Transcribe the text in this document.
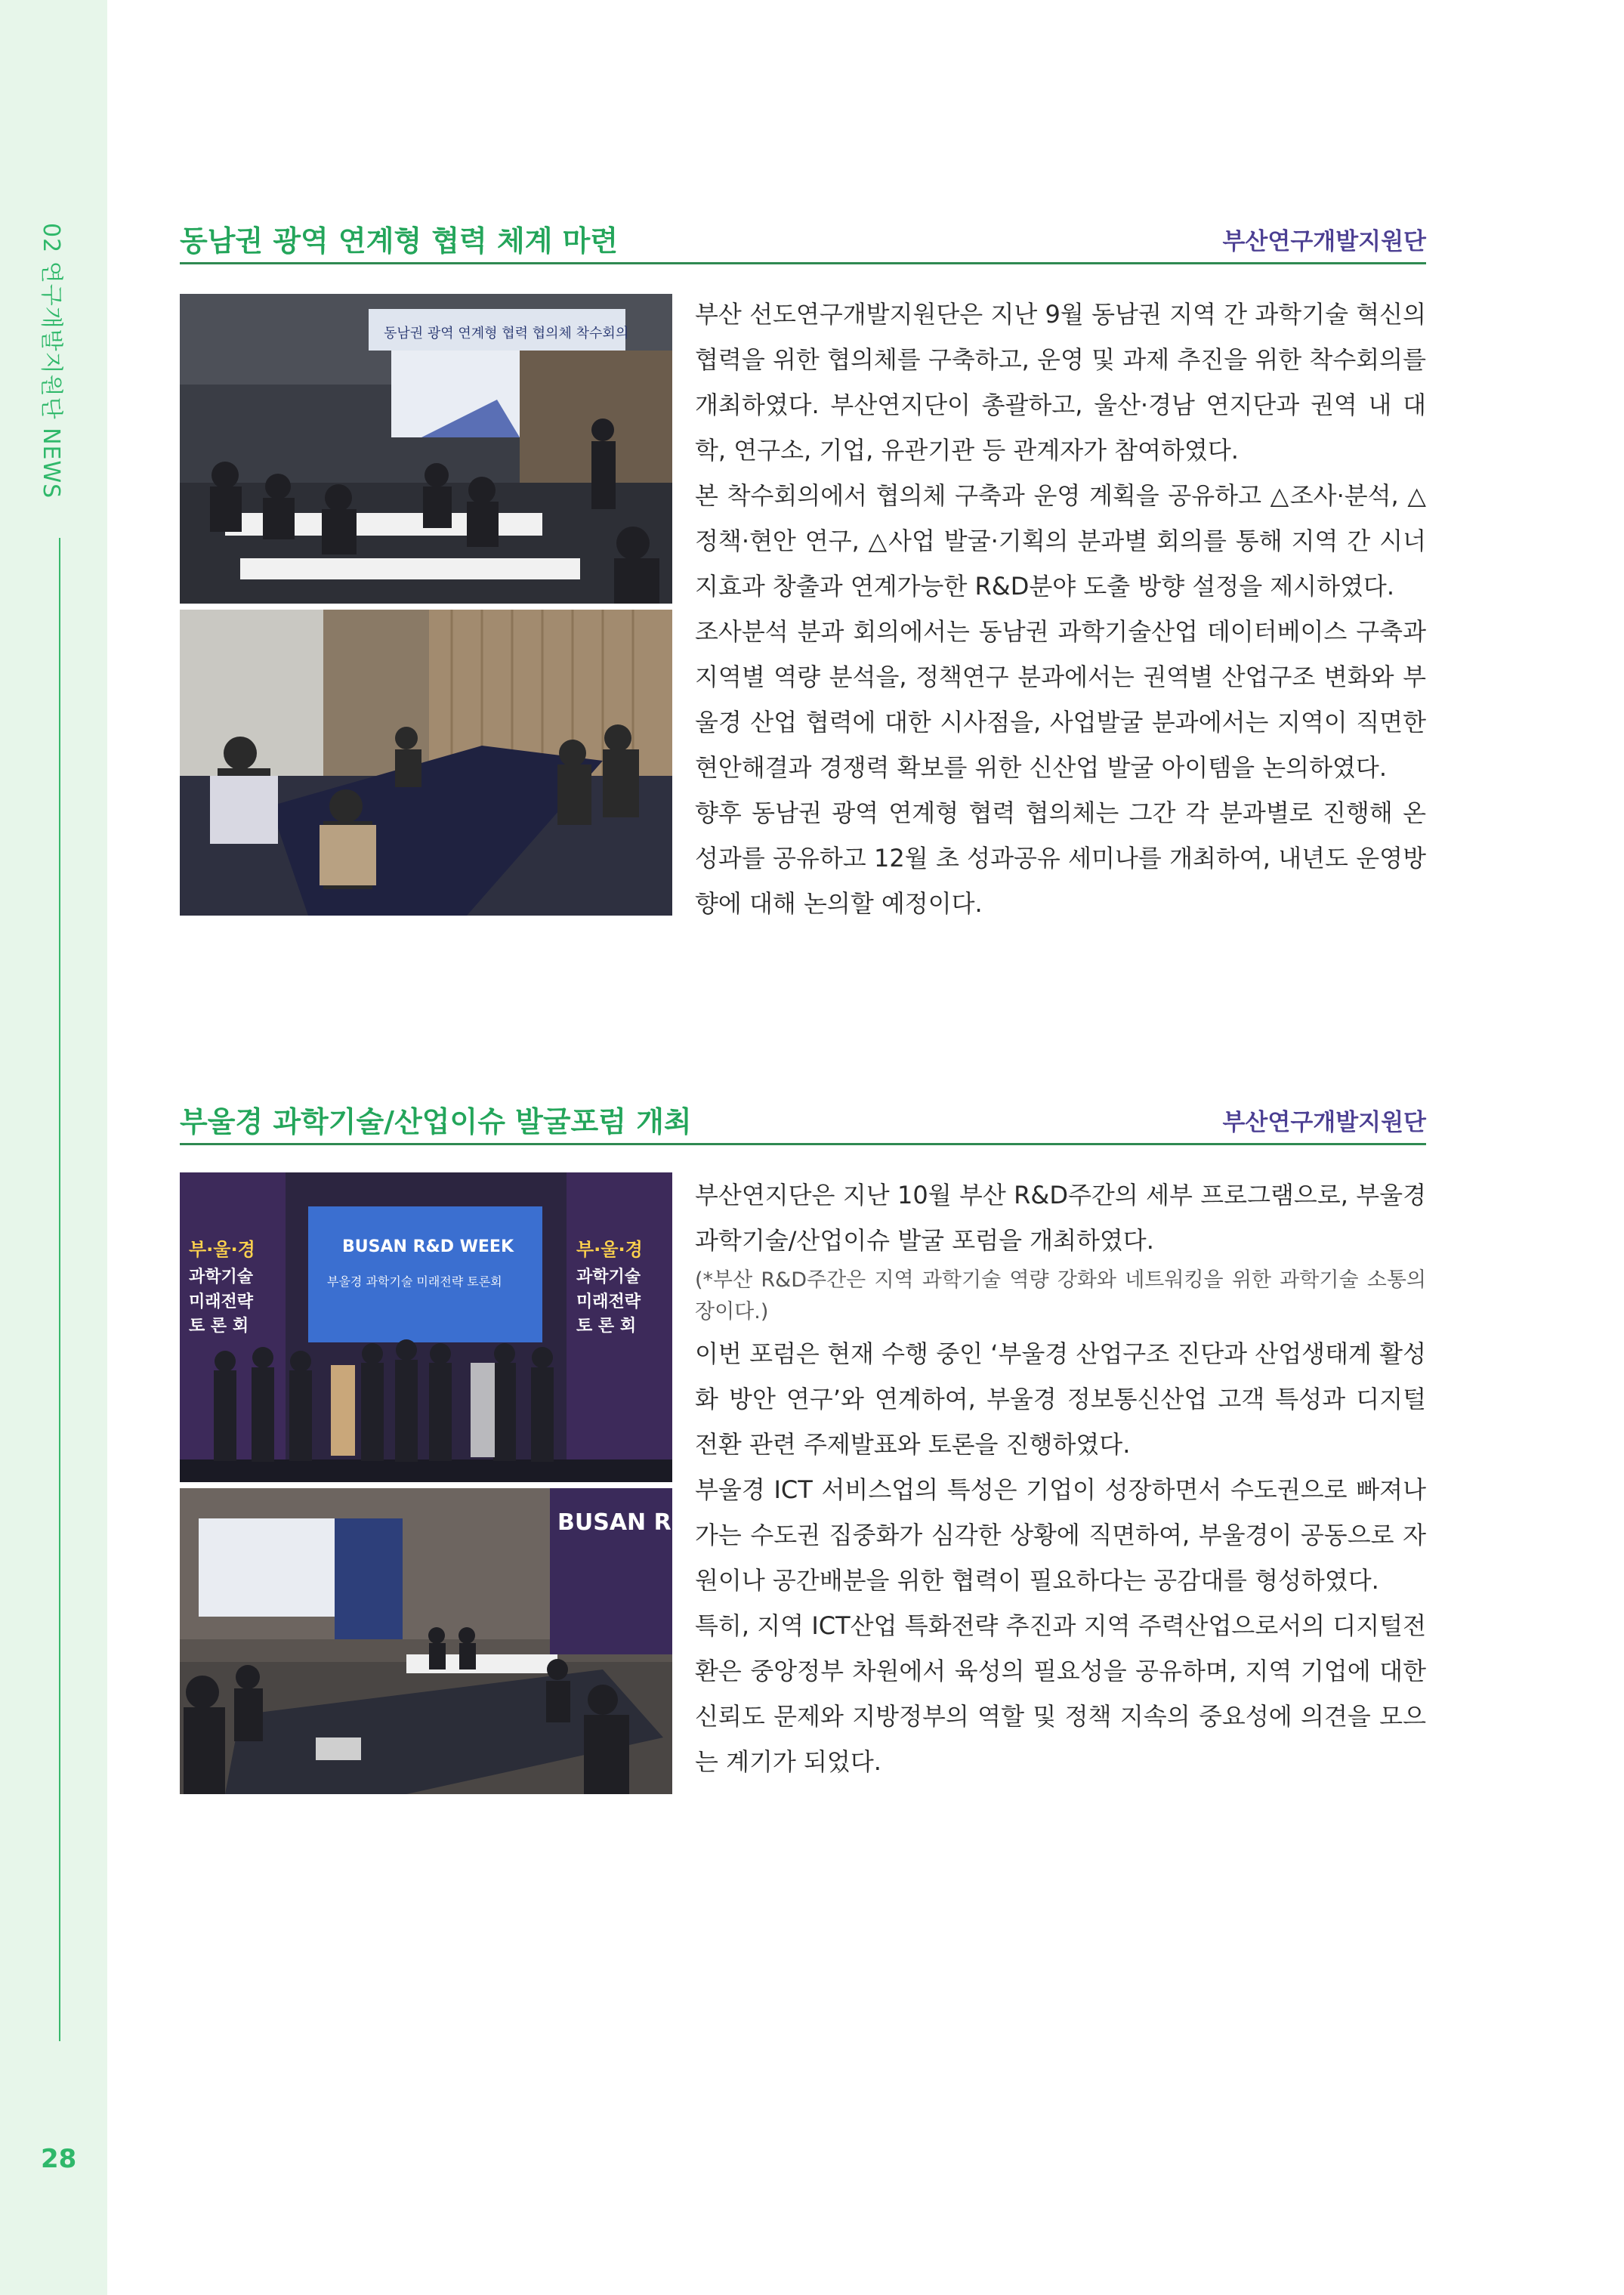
02 연구개발지원단 NEWS
28
동남권 광역 연계형 협력 체계 마련	부산연구개발지원단
동남권 광역 연계형 협력 협의체 착수회의

부산 선도연구개발지원단은 지난 9월 동남권 지역 간 과학기술 혁신의 협력을 위한 협의체를 구축하고, 운영 및 과제 추진을 위한 착수회의를 개최하였다. 부산연지단이 총괄하고, 울산·경남 연지단과 권역 내 대학, 연구소, 기업, 유관기관 등 관계자가 참여하였다.

본 착수회의에서 협의체 구축과 운영 계획을 공유하고 △조사·분석, △정책·현안 연구, △사업 발굴·기획의 분과별 회의를 통해 지역 간 시너지효과 창출과 연계가능한 R&D분야 도출 방향 설정을 제시하였다.

조사분석 분과 회의에서는 동남권 과학기술산업 데이터베이스 구축과 지역별 역량 분석을, 정책연구 분과에서는 권역별 산업구조 변화와 부울경 산업 협력에 대한 시사점을, 사업발굴 분과에서는 지역이 직면한 현안해결과 경쟁력 확보를 위한 신산업 발굴 아이템을 논의하였다.

향후 동남권 광역 연계형 협력 협의체는 그간 각 분과별로 진행해 온 성과를 공유하고 12월 초 성과공유 세미나를 개최하여, 내년도 운영방향에 대해 논의할 예정이다.

부울경 과학기술/산업이슈 발굴포럼 개최	부산연구개발지원단
부·울·경
과학기술
미래전략
토 론 회
부·울·경
과학기술
미래전략
토 론 회
BUSAN R&D WEEK
부울경 과학기술 미래전략 토론회
BUSAN R&D WEEK

부산연지단은 지난 10월 부산 R&D주간의 세부 프로그램으로, 부울경 과학기술/산업이슈 발굴 포럼을 개최하였다.

(*부산 R&D주간은 지역 과학기술 역량 강화와 네트워킹을 위한 과학기술 소통의 장이다.)

이번 포럼은 현재 수행 중인 ‘부울경 산업구조 진단과 산업생태계 활성화 방안 연구’와 연계하여, 부울경 정보통신산업 고객 특성과 디지털 전환 관련 주제발표와 토론을 진행하였다.

부울경 ICT 서비스업의 특성은 기업이 성장하면서 수도권으로 빠져나가는 수도권 집중화가 심각한 상황에 직면하여, 부울경이 공동으로 자원이나 공간배분을 위한 협력이 필요하다는 공감대를 형성하였다.

특히, 지역 ICT산업 특화전략 추진과 지역 주력산업으로서의 디지털전환은 중앙정부 차원에서 육성의 필요성을 공유하며, 지역 기업에 대한 신뢰도 문제와 지방정부의 역할 및 정책 지속의 중요성에 의견을 모으는 계기가 되었다.
